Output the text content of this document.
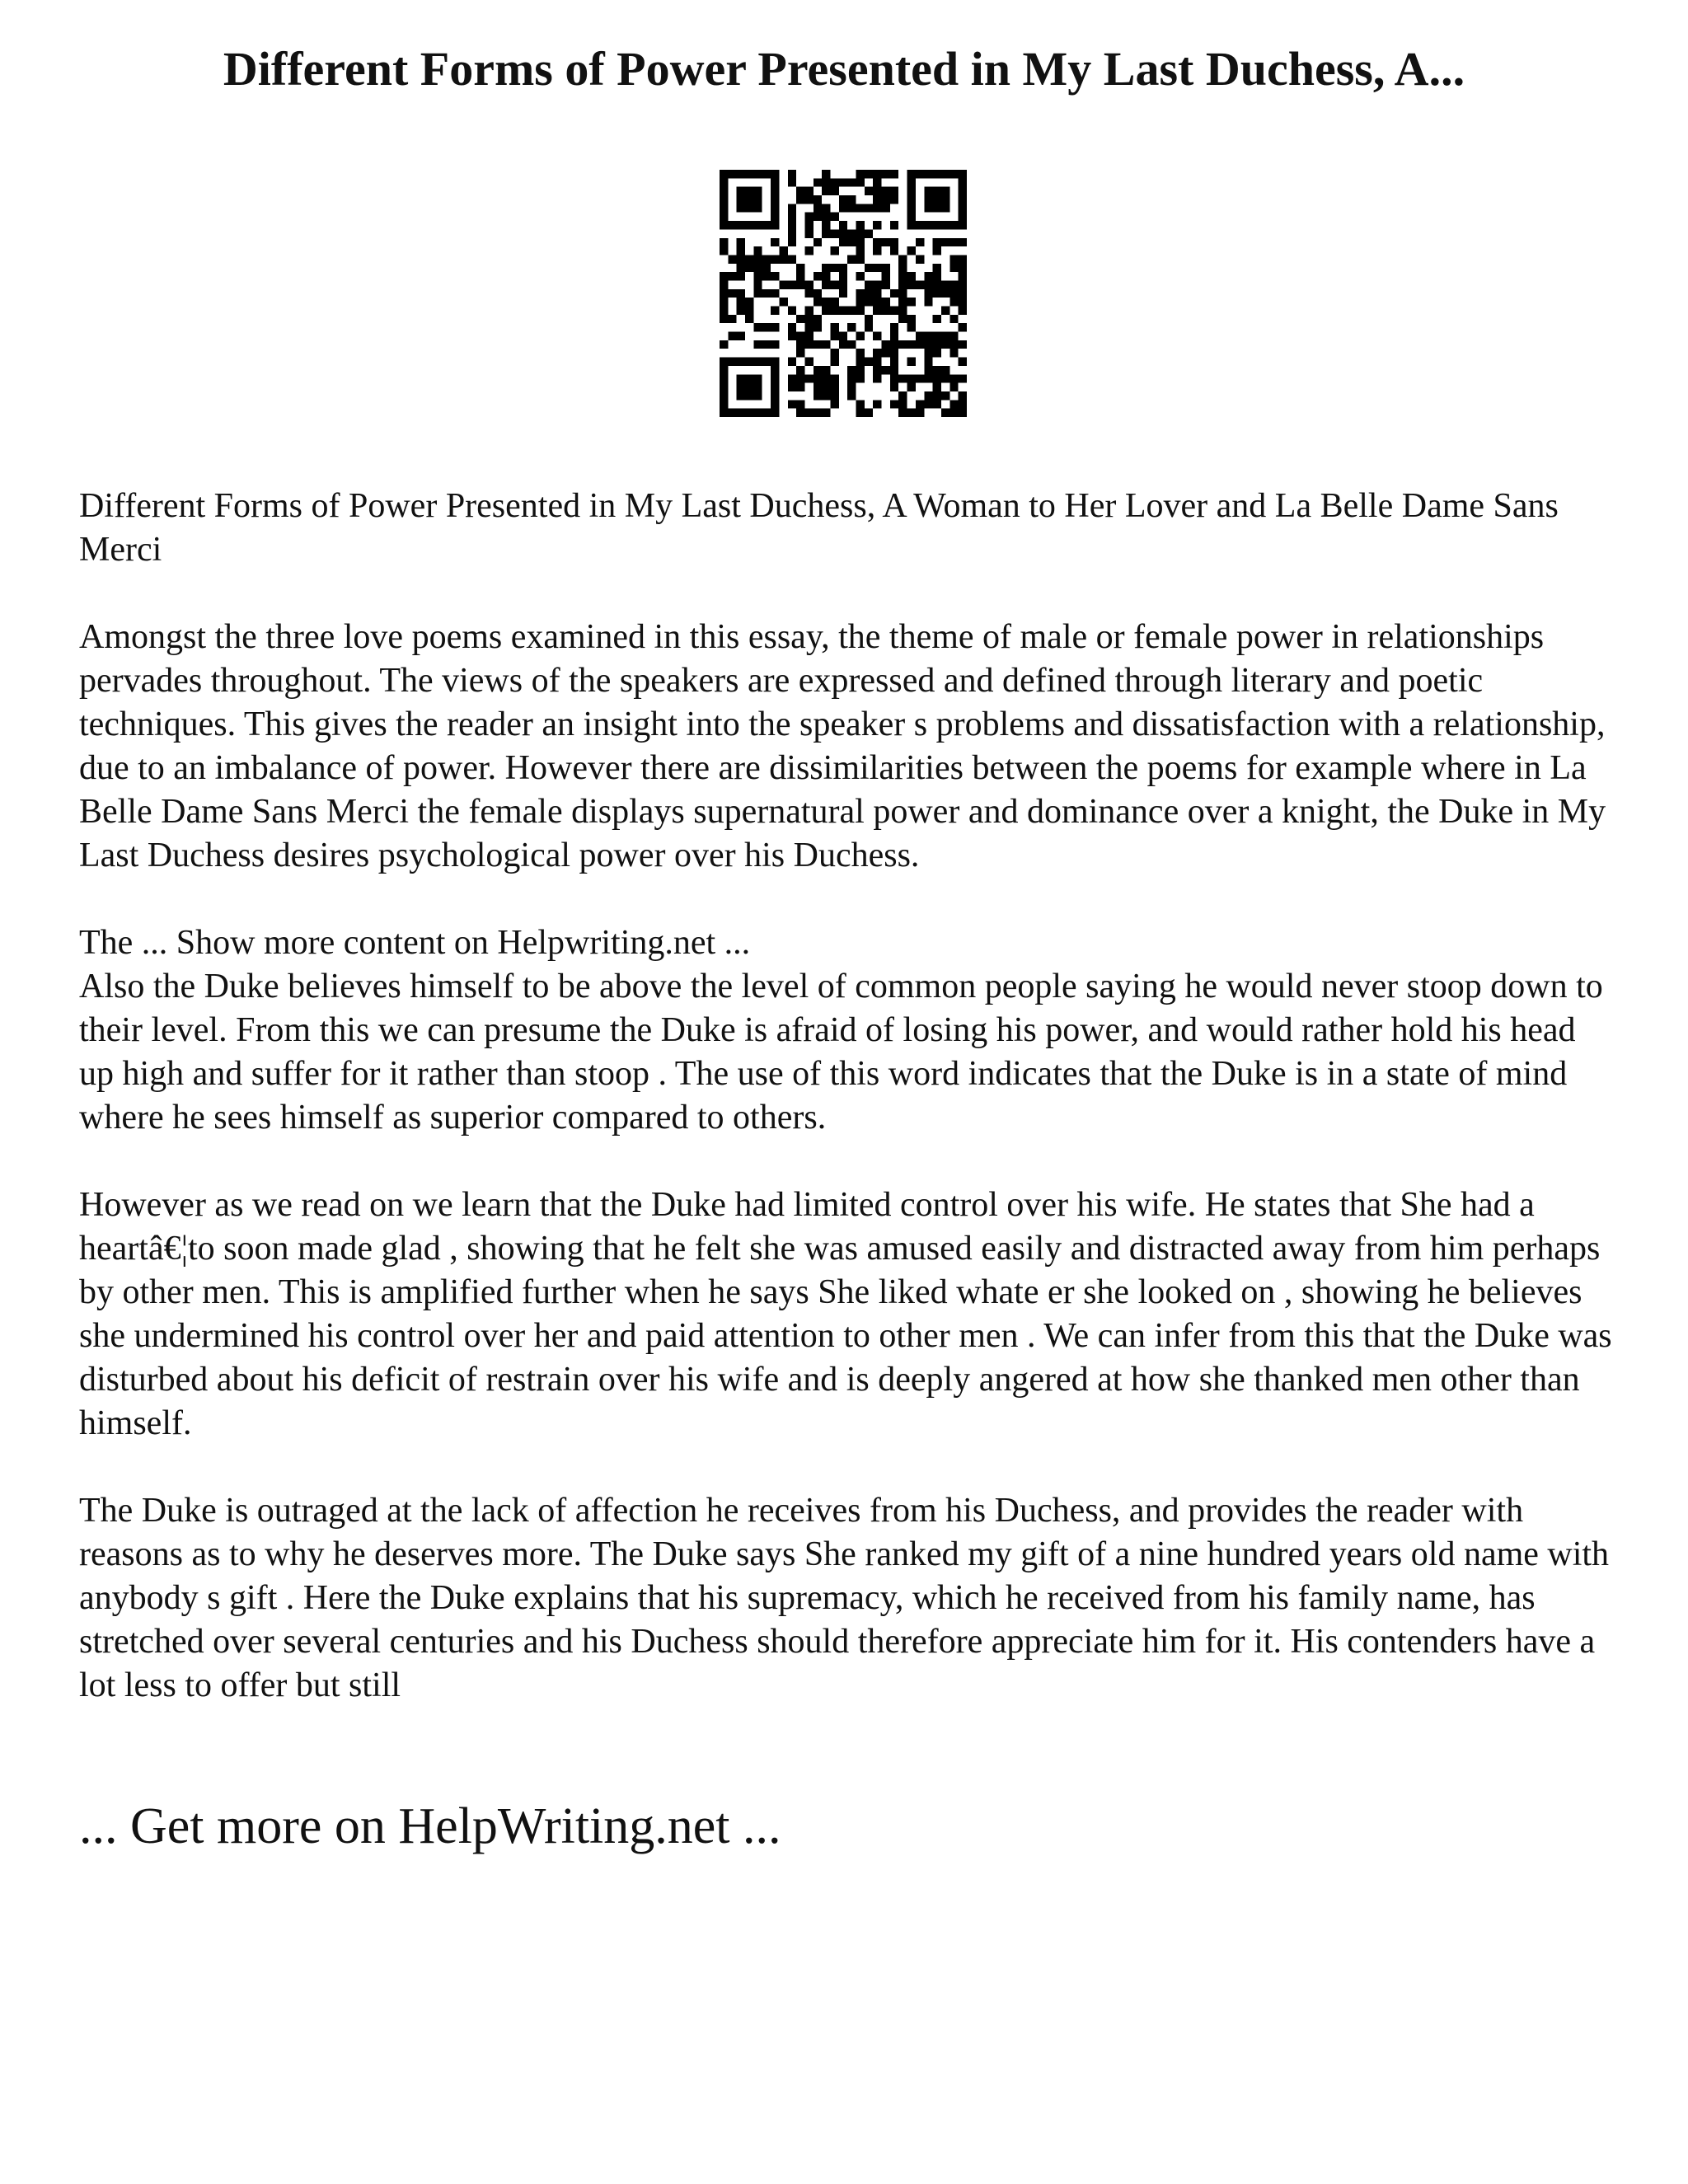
Different Forms of Power Presented in My Last Duchess, A...

Different Forms of Power Presented in My Last Duchess, A Woman to Her Lover and La Belle Dame Sans Merci

Amongst the three love poems examined in this essay, the theme of male or female power in relationships pervades throughout. The views of the speakers are expressed and defined through literary and poetic techniques. This gives the reader an insight into the speaker s problems and dissatisfaction with a relationship, due to an imbalance of power. However there are dissimilarities between the poems for example where in La Belle Dame Sans Merci the female displays supernatural power and dominance over a knight, the Duke in My Last Duchess desires psychological power over his Duchess.

The ... Show more content on Helpwriting.net ...

Also the Duke believes himself to be above the level of common people saying he would never stoop down to their level. From this we can presume the Duke is afraid of losing his power, and would rather hold his head up high and suffer for it rather than stoop . The use of this word indicates that the Duke is in a state of mind where he sees himself as superior compared to others.

However as we read on we learn that the Duke had limited control over his wife. He states that She had a heartâ€¦to soon made glad , showing that he felt she was amused easily and distracted away from him perhaps by other men. This is amplified further when he says She liked whate er she looked on , showing he believes she undermined his control over her and paid attention to other men . We can infer from this that the Duke was disturbed about his deficit of restrain over his wife and is deeply angered at how she thanked men other than himself.

The Duke is outraged at the lack of affection he receives from his Duchess, and provides the reader with reasons as to why he deserves more. The Duke says She ranked my gift of a nine hundred years old name with anybody s gift . Here the Duke explains that his supremacy, which he received from his family name, has stretched over several centuries and his Duchess should therefore appreciate him for it. His contenders have a lot less to offer but still

... Get more on HelpWriting.net ...
